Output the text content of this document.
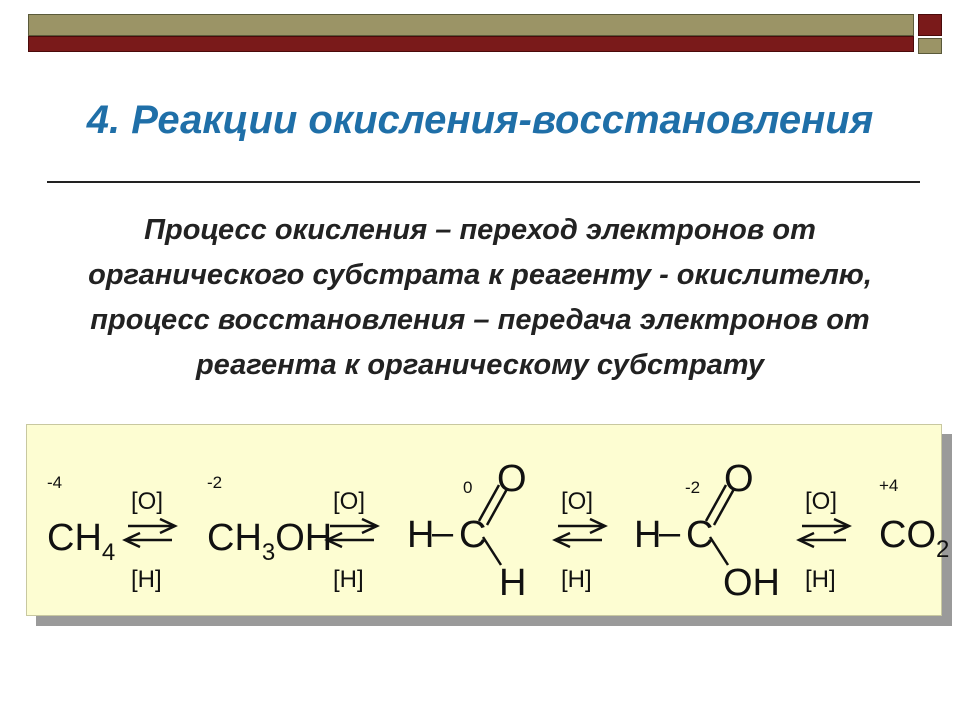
4. Реакции окисления-восстановления
Процесс окисления – переход электронов от
органического субстрата к реагенту - окислителю,
процесс восстановления – передача электронов от
реагента к органическому субстрату
-4
$CH_4$
[O]
[H]
-2
$CH_3OH$
[O]
[H]
H
– C
0 O
H
[O]
[H]
H
– C
-2 O
OH
[O]
[H]
+4
$CO_2$
